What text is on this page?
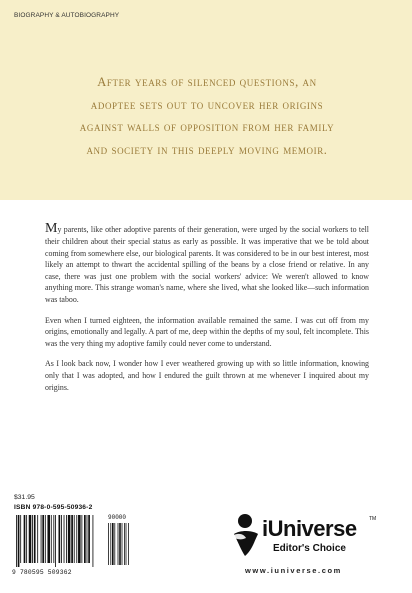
BIOGRAPHY & AUTOBIOGRAPHY
After years of silenced questions, an
adoptee sets out to uncover her origins
against walls of opposition from her family
and society in this deeply moving memoir.

My parents, like other adoptive parents of their generation, were urged by the social workers to tell their children about their special status as early as possible. It was imperative that we be told about coming from somewhere else, our biological parents. It was considered to be in our best interest, most likely an attempt to thwart the accidental spilling of the beans by a close friend or relative. In any case, there was just one problem with the social workers' advice: We weren't allowed to know anything more. This strange woman's name, where she lived, what she looked like—such information was taboo.

Even when I turned eighteen, the information available remained the same. I was cut off from my origins, emotionally and legally. A part of me, deep within the depths of my soul, felt incomplete. This was the very thing my adoptive family could never come to understand.

As I look back now, I wonder how I ever weathered growing up with so little information, knowing only that I was adopted, and how I endured the guilt thrown at me whenever I inquired about my origins.

$31.95
ISBN 978-0-595-50936-2
90000
9 780595 509362
iUniverse TM
Editor's Choice
www.iuniverse.com
